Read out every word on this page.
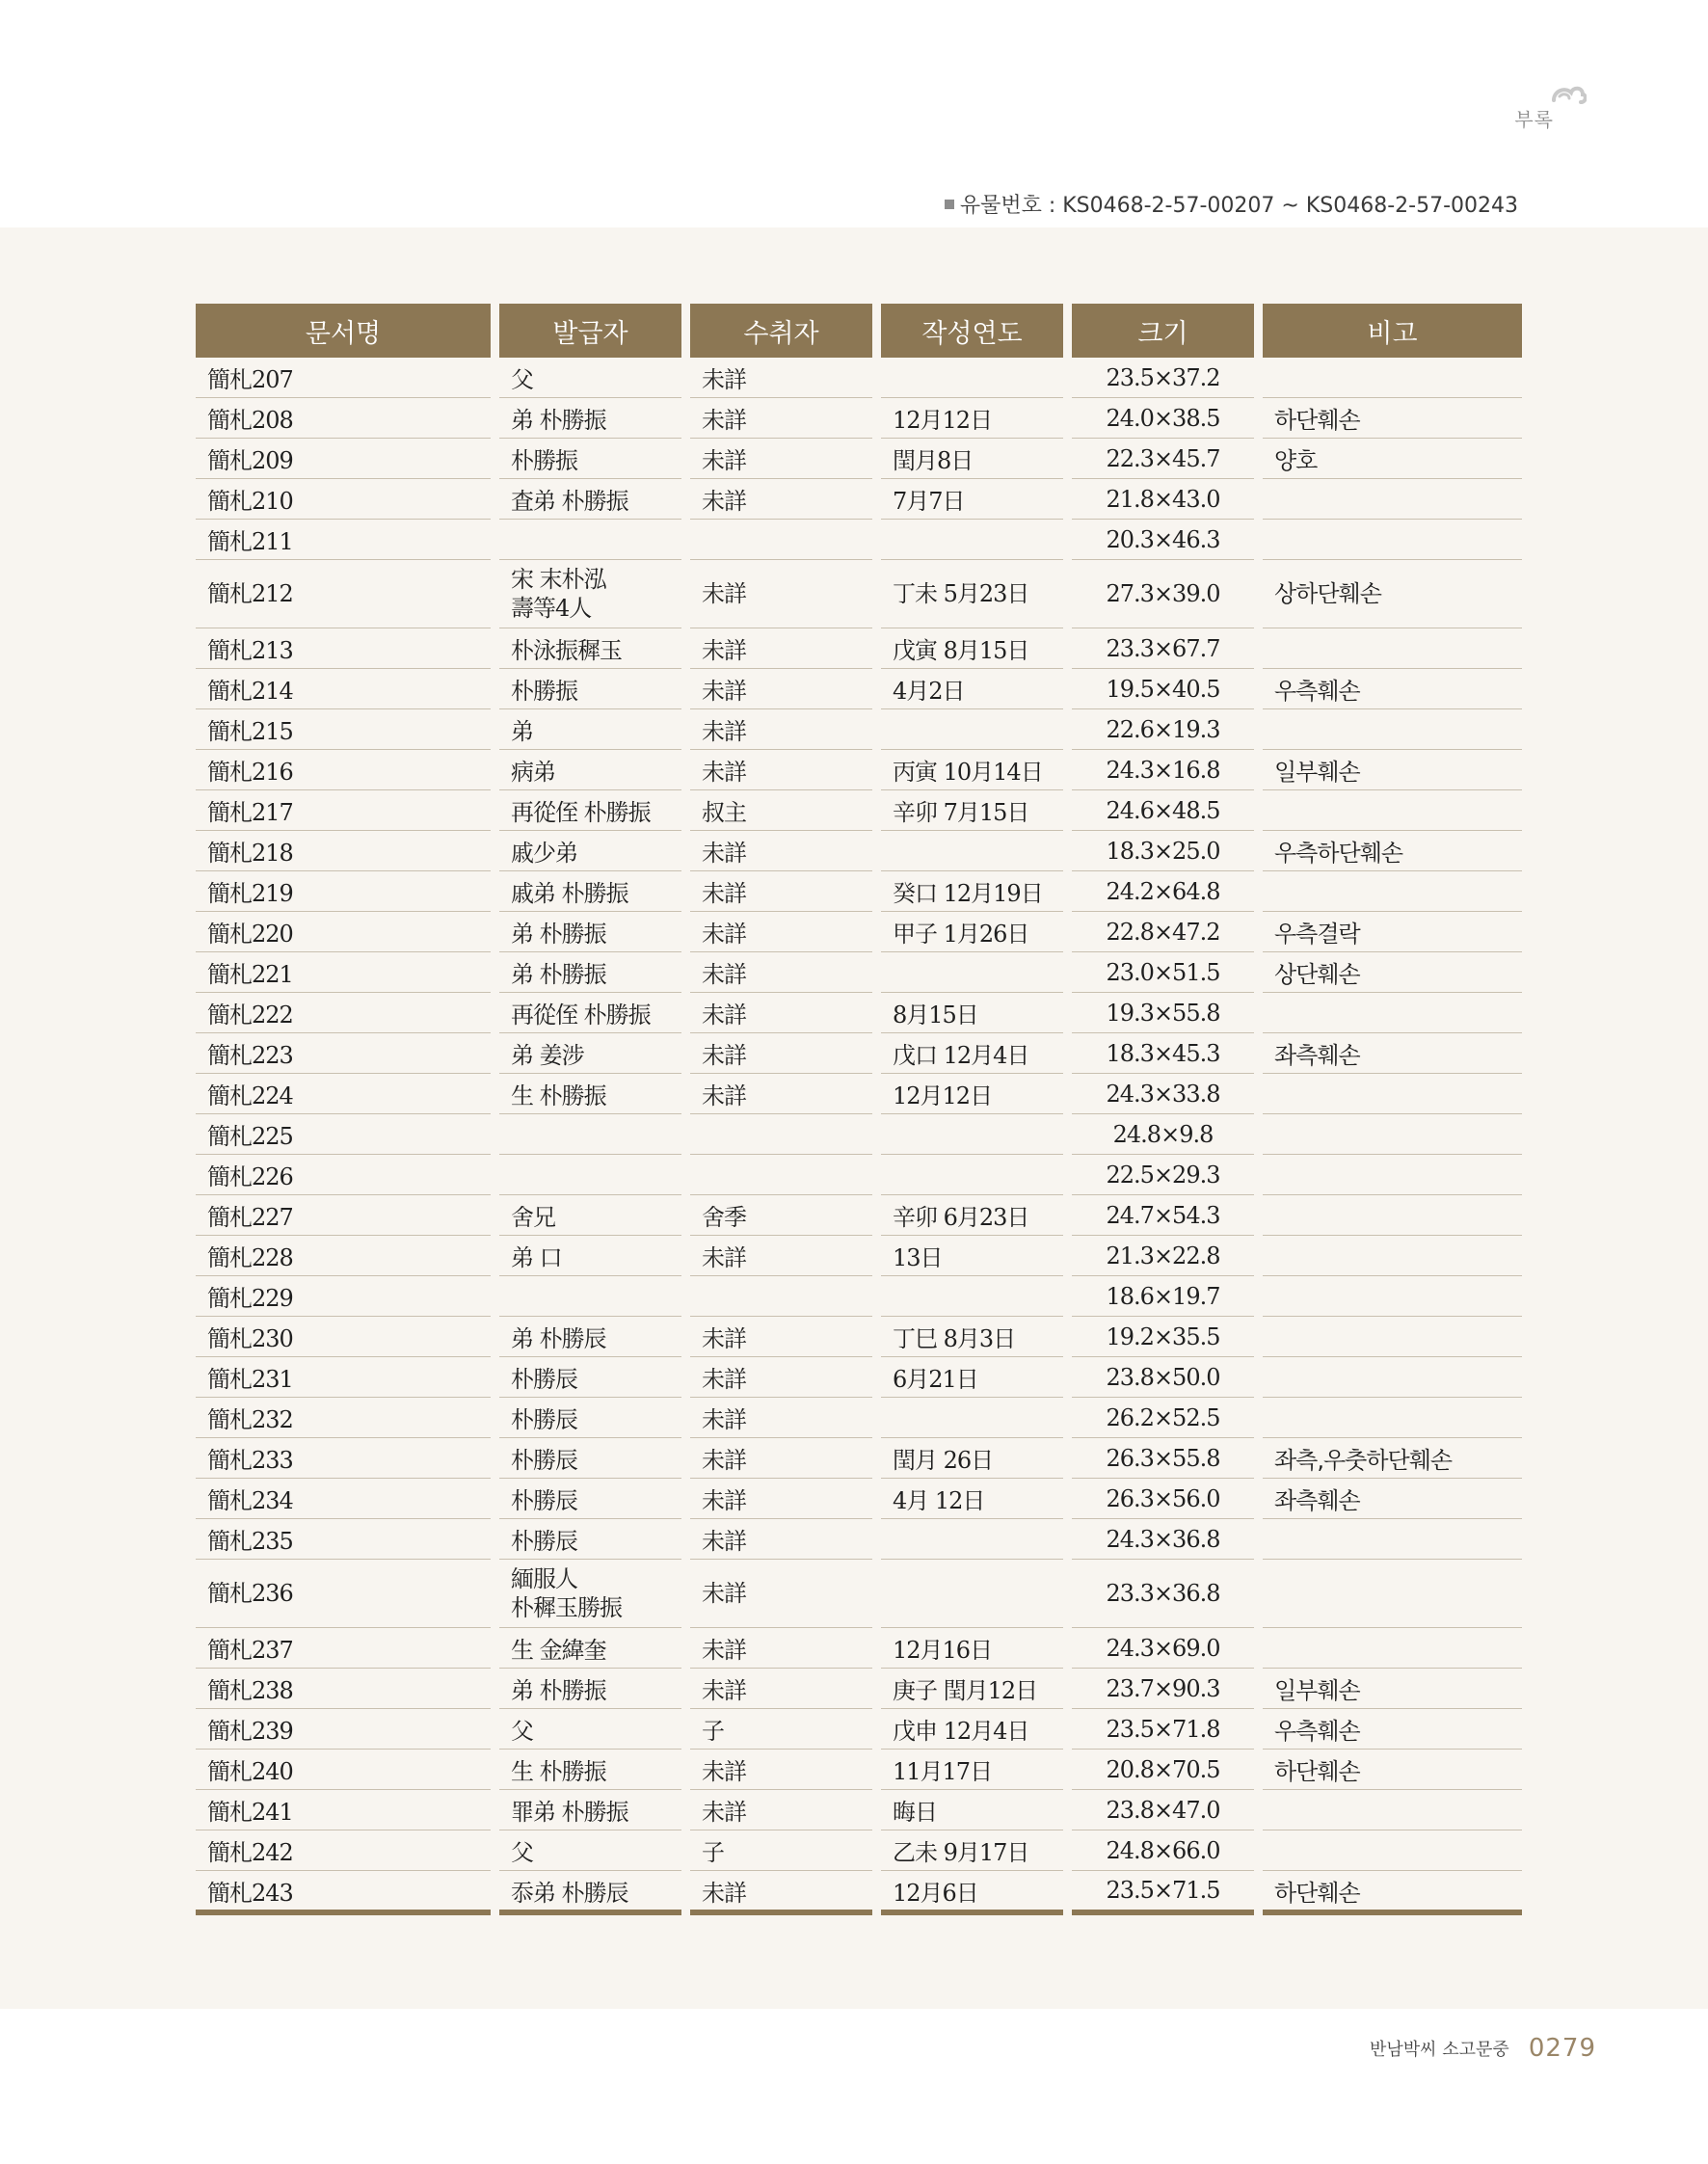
부록
유물번호 : KS0468-2-57-00207 ~ KS0468-2-57-00243
문서명	발급자	수취자	작성연도	크기	비고
簡札207	父	未詳		23.5×37.2	
簡札208	弟 朴勝振	未詳	12月12日	24.0×38.5	하단훼손
簡札209	朴勝振	未詳	閏月8日	22.3×45.7	양호
簡札210	査弟 朴勝振	未詳	7月7日	21.8×43.0	
簡札211				20.3×46.3	
簡札212	宋 末朴泓
壽等4人	未詳	丁未 5月23日	27.3×39.0	상하단훼손
簡札213	朴泳振穉玉	未詳	戊寅 8月15日	23.3×67.7	
簡札214	朴勝振	未詳	4月2日	19.5×40.5	우측훼손
簡札215	弟	未詳		22.6×19.3	
簡札216	病弟	未詳	丙寅 10月14日	24.3×16.8	일부훼손
簡札217	再從侄 朴勝振	叔主	辛卯 7月15日	24.6×48.5	
簡札218	戚少弟	未詳		18.3×25.0	우측하단훼손
簡札219	戚弟 朴勝振	未詳	癸口 12月19日	24.2×64.8	
簡札220	弟 朴勝振	未詳	甲子 1月26日	22.8×47.2	우측결락
簡札221	弟 朴勝振	未詳		23.0×51.5	상단훼손
簡札222	再從侄 朴勝振	未詳	8月15日	19.3×55.8	
簡札223	弟 姜涉	未詳	戊口 12月4日	18.3×45.3	좌측훼손
簡札224	生 朴勝振	未詳	12月12日	24.3×33.8	
簡札225				24.8×9.8	
簡札226				22.5×29.3	
簡札227	舍兄	舍季	辛卯 6月23日	24.7×54.3	
簡札228	弟 口	未詳	13日	21.3×22.8	
簡札229				18.6×19.7	
簡札230	弟 朴勝辰	未詳	丁巳 8月3日	19.2×35.5	
簡札231	朴勝辰	未詳	6月21日	23.8×50.0	
簡札232	朴勝辰	未詳		26.2×52.5	
簡札233	朴勝辰	未詳	閏月 26日	26.3×55.8	좌측,우춧하단훼손
簡札234	朴勝辰	未詳	4月 12日	26.3×56.0	좌측훼손
簡札235	朴勝辰	未詳		24.3×36.8	
簡札236	緬服人
朴穉玉勝振	未詳		23.3×36.8	
簡札237	生 金緯奎	未詳	12月16日	24.3×69.0	
簡札238	弟 朴勝振	未詳	庚子 閏月12日	23.7×90.3	일부훼손
簡札239	父	子	戊申 12月4日	23.5×71.8	우측훼손
簡札240	生 朴勝振	未詳	11月17日	20.8×70.5	하단훼손
簡札241	罪弟 朴勝振	未詳	晦日	23.8×47.0	
簡札242	父	子	乙未 9月17日	24.8×66.0	
簡札243	忝弟 朴勝辰	未詳	12月6日	23.5×71.5	하단훼손
반남박씨 소고문중 0279
